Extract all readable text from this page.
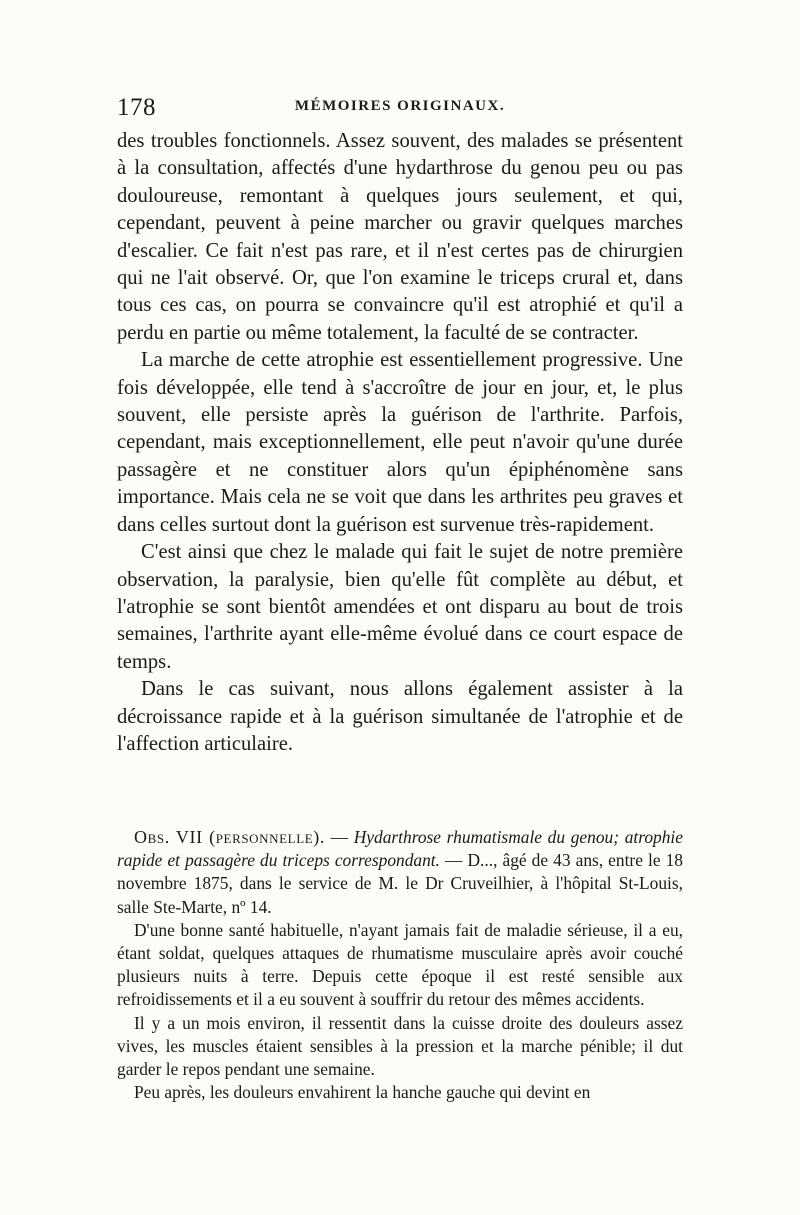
178	MÉMOIRES ORIGINAUX.

des troubles fonctionnels. Assez souvent, des malades se présentent à la consultation, affectés d'une hydarthrose du genou peu ou pas douloureuse, remontant à quelques jours seulement, et qui, cependant, peuvent à peine marcher ou gravir quelques marches d'escalier. Ce fait n'est pas rare, et il n'est certes pas de chirurgien qui ne l'ait observé. Or, que l'on examine le triceps crural et, dans tous ces cas, on pourra se convaincre qu'il est atrophié et qu'il a perdu en partie ou même totalement, la faculté de se contracter.

La marche de cette atrophie est essentiellement progressive. Une fois développée, elle tend à s'accroître de jour en jour, et, le plus souvent, elle persiste après la guérison de l'arthrite. Parfois, cependant, mais exceptionnellement, elle peut n'avoir qu'une durée passagère et ne constituer alors qu'un épiphénomène sans importance. Mais cela ne se voit que dans les arthrites peu graves et dans celles surtout dont la guérison est survenue très-rapidement.

C'est ainsi que chez le malade qui fait le sujet de notre première observation, la paralysie, bien qu'elle fût complète au début, et l'atrophie se sont bientôt amendées et ont disparu au bout de trois semaines, l'arthrite ayant elle-même évolué dans ce court espace de temps.

Dans le cas suivant, nous allons également assister à la décroissance rapide et à la guérison simultanée de l'atrophie et de l'affection articulaire.

Obs. VII (personnelle). — Hydarthrose rhumatismale du genou; atrophie rapide et passagère du triceps correspondant. — D..., âgé de 43 ans, entre le 18 novembre 1875, dans le service de M. le Dr Cruveilhier, à l'hôpital St-Louis, salle Ste-Marte, nº 14.

D'une bonne santé habituelle, n'ayant jamais fait de maladie sérieuse, il a eu, étant soldat, quelques attaques de rhumatisme musculaire après avoir couché plusieurs nuits à terre. Depuis cette époque il est resté sensible aux refroidissements et il a eu souvent à souffrir du retour des mêmes accidents.

Il y a un mois environ, il ressentit dans la cuisse droite des douleurs assez vives, les muscles étaient sensibles à la pression et la marche pénible; il dut garder le repos pendant une semaine.

Peu après, les douleurs envahirent la hanche gauche qui devint en
